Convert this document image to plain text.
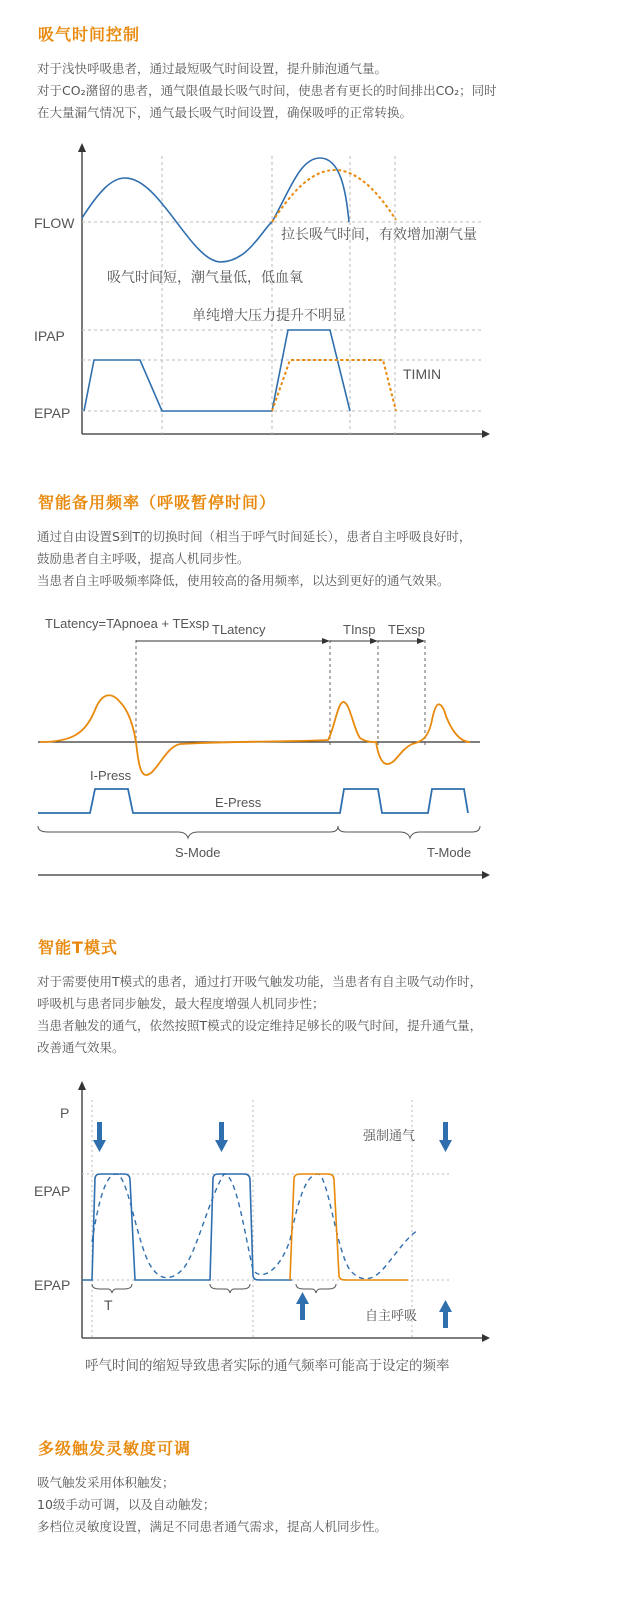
吸气时间控制

对于浅快呼吸患者，通过最短吸气时间设置，提升肺泡通气量。

对于CO₂潴留的患者，通气限值最长吸气时间，使患者有更长的时间排出CO₂；同时

在大量漏气情况下，通气最长吸气时间设置，确保吸呼的正常转换。

FLOW
IPAP
EPAP
拉长吸气时间，有效增加潮气量
吸气时间短，潮气量低，低血氧
单纯增大压力提升不明显
TIMIN
智能备用频率（呼吸暂停时间）

通过自由设置S到T的切换时间（相当于呼气时间延长），患者自主呼吸良好时，

鼓励患者自主呼吸，提高人机同步性。

当患者自主呼吸频率降低，使用较高的备用频率，以达到更好的通气效果。

TLatency=TApnoea + TExsp TLatency	TInsp TExsp
I-Press
E-Press
S-Mode	T-Mode
智能T模式

对于需要使用T模式的患者，通过打开吸气触发功能，当患者有自主吸气动作时，

呼吸机与患者同步触发，最大程度增强人机同步性；

当患者触发的通气，依然按照T模式的设定维持足够长的吸气时间，提升通气量，

改善通气效果。

P
EPAP
EPAP
强制通气
自主呼吸
T
呼气时间的缩短导致患者实际的通气频率可能高于设定的频率
多级触发灵敏度可调

吸气触发采用体积触发；

10级手动可调，以及自动触发；

多档位灵敏度设置，满足不同患者通气需求，提高人机同步性。
